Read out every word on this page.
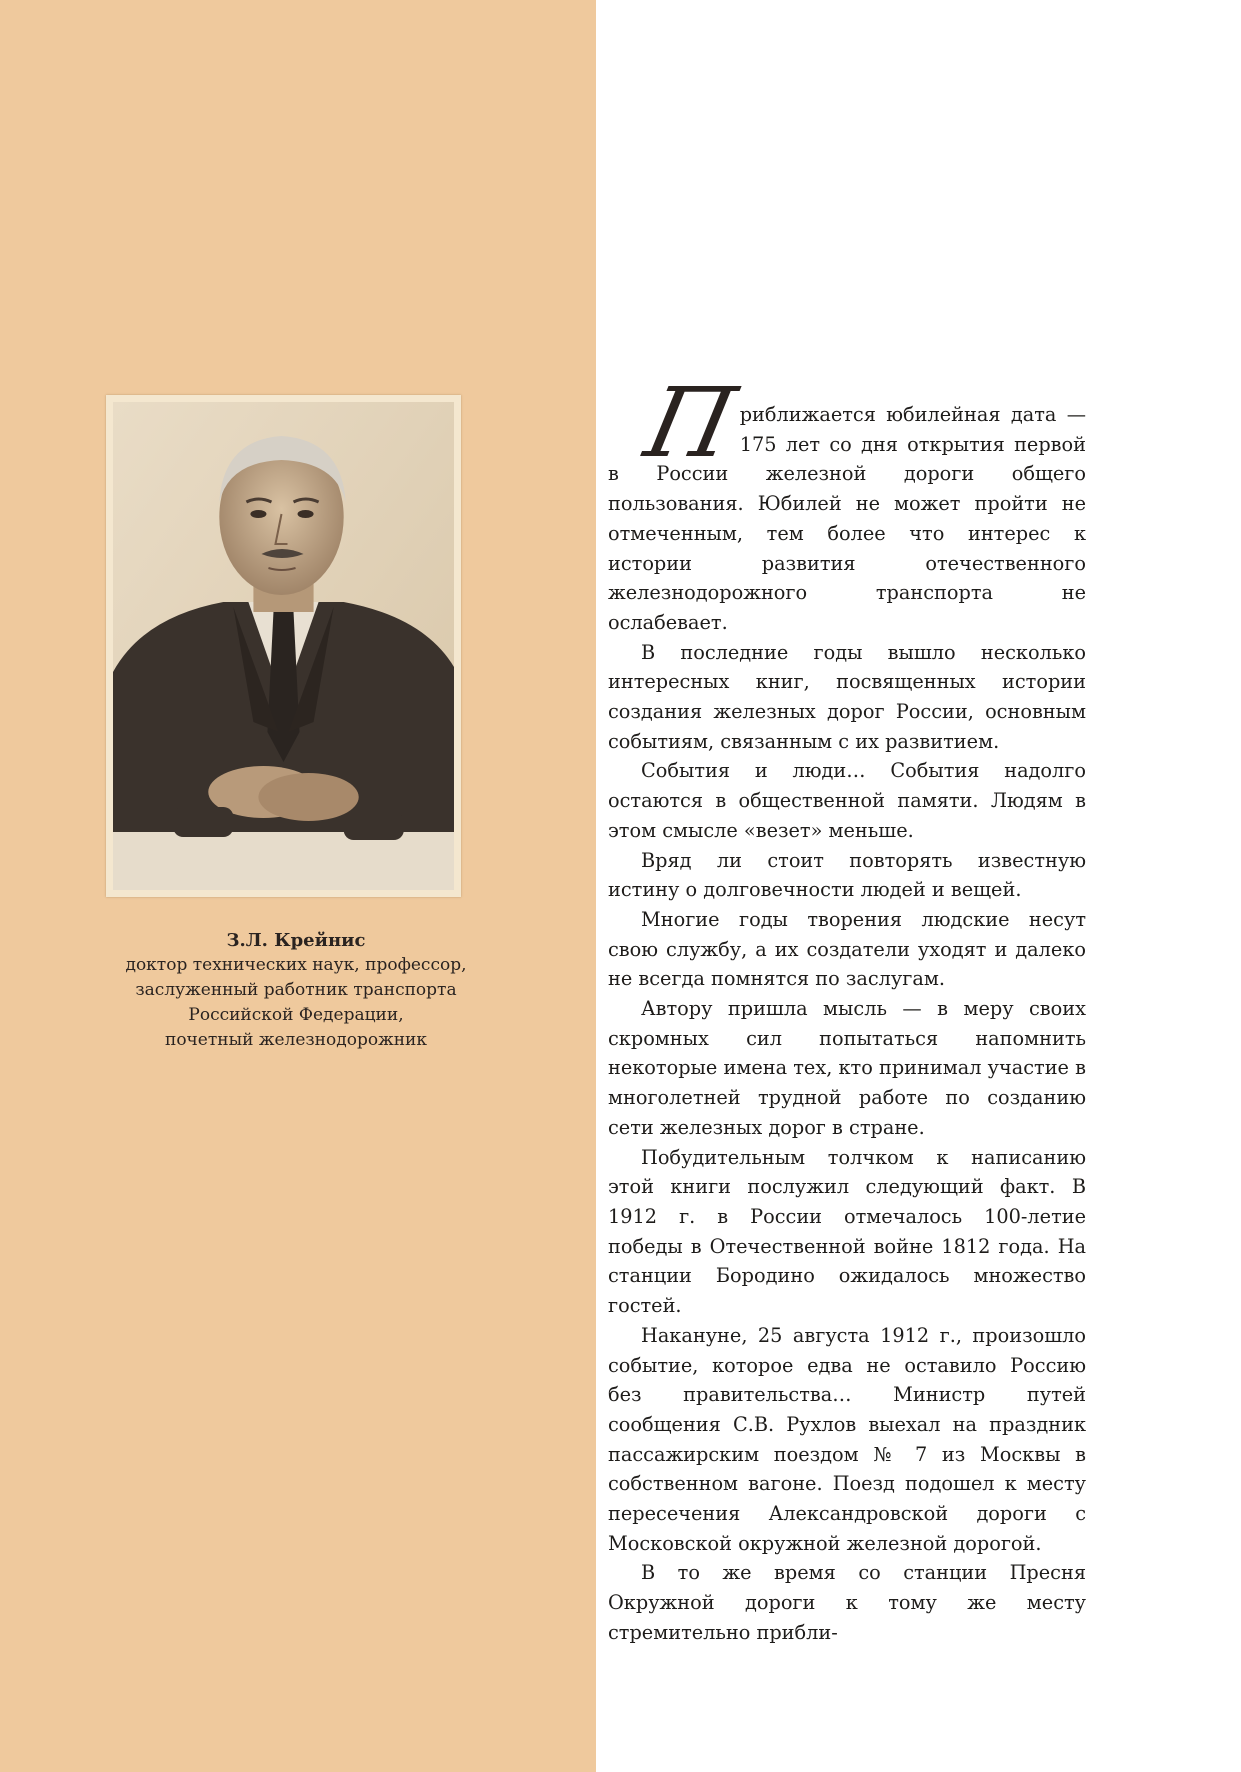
З.Л. Крейнис
доктор технических наук, профессор,
заслуженный работник транспорта
Российской Федерации,
почетный железнодорожник

П
риближается юбилейная дата — 175 лет со дня открытия первой в России железной дороги общего пользования. Юбилей не может пройти не отмеченным, тем более что интерес к истории развития отечественного железнодорожного транспорта не ослабевает.

В последние годы вышло несколько интересных книг, посвященных истории создания железных дорог России, основным событиям, связанным с их развитием.

События и люди… События надолго остаются в общественной памяти. Людям в этом смысле «везет» меньше.

Вряд ли стоит повторять известную истину о долговечности людей и вещей.

Многие годы творения людские несут свою службу, а их создатели уходят и далеко не всегда помнятся по заслугам.

Автору пришла мысль — в меру своих скромных сил попытаться напомнить некоторые имена тех, кто принимал участие в многолетней трудной работе по созданию сети железных дорог в стране.

Побудительным толчком к написанию этой книги послужил следующий факт. В 1912 г. в России отмечалось 100-летие победы в Отечественной войне 1812 года. На станции Бородино ожидалось множество гостей.

Накануне, 25 августа 1912 г., произошло событие, которое едва не оставило Россию без правительства… Министр путей сообщения С.В. Рухлов выехал на праздник пассажирским поездом № 7 из Москвы в собственном вагоне. Поезд подошел к месту пересечения Александровской дороги с Московской окружной железной дорогой.

В то же время со станции Пресня Окружной дороги к тому же месту стремительно прибли-
